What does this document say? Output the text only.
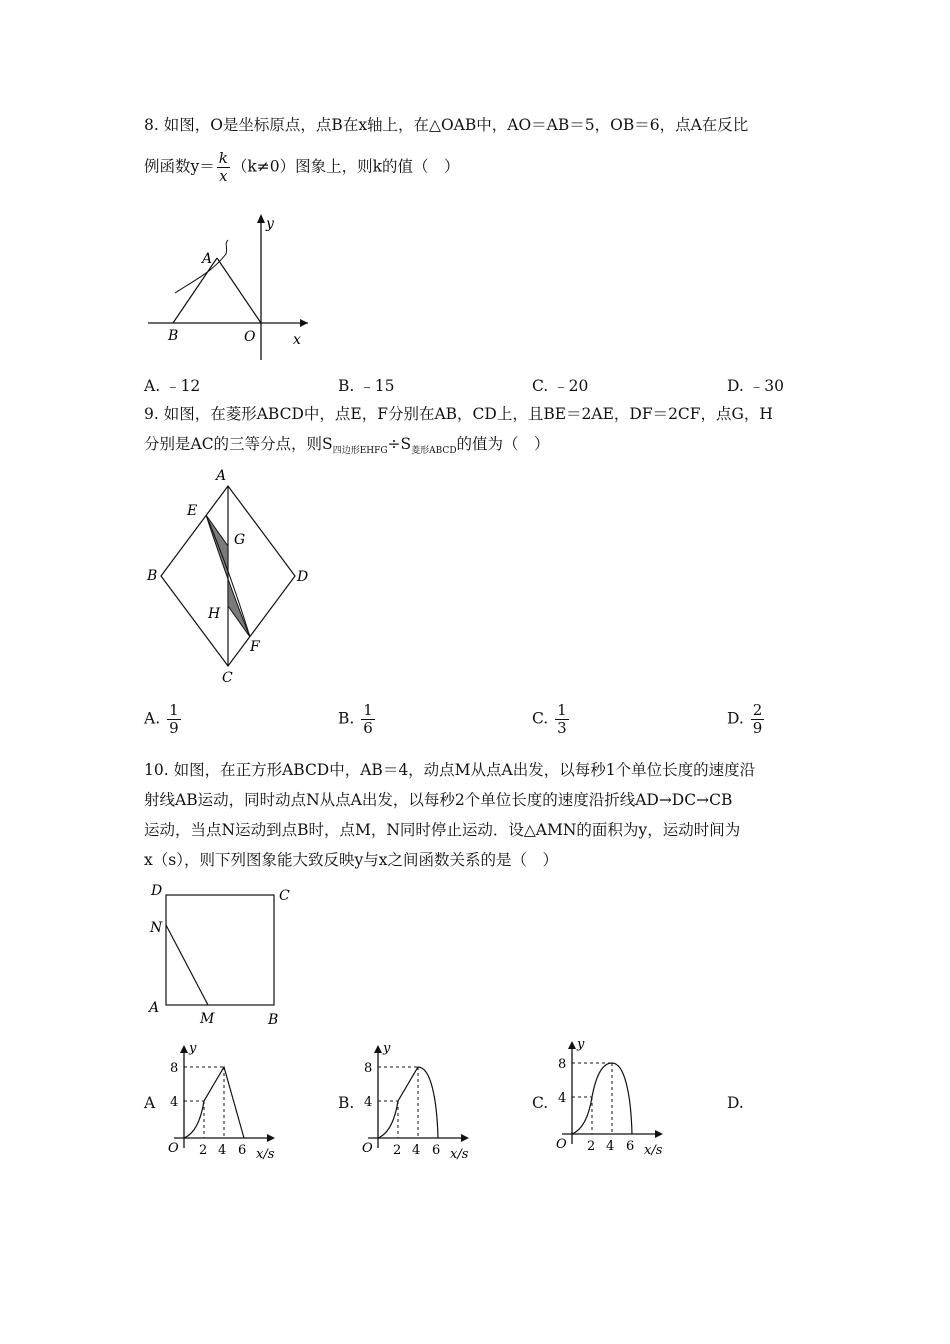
8. 如图，O是坐标原点，点B在x轴上，在△OAB中，AO＝AB＝5，OB＝6，点A在反比
例函数$y= \frac{k}{x} (k\ne 0)$图象上，则k的值（　）
y
x
A
B	O
A. ﹣12	B. ﹣15	C. ﹣20	D. ﹣30
9. 如图，在菱形ABCD中，点E，F分别在AB，CD上，且BE＝2AE，DF＝2CF，点G，H
分别是AC的三等分点，则$S_{四边形EHFG}\div S_{菱形ABCD}$的值为（　）
A
B
C
D
E
G
H
F
A. $\frac{1}{9}$	B. $\frac{1}{6}$	C. $\frac{1}{3}$	D. $\frac{2}{9}$
10. 如图，在正方形ABCD中，AB＝4，动点M从点A出发，以每秒1个单位长度的速度沿
射线AB运动，同时动点N从点A出发，以每秒2个单位长度的速度沿折线AD→DC→CB
运动，当点N运动到点B时，点M，N同时停止运动．设△AMN的面积为y，运动时间为
x（s），则下列图象能大致反映y与x之间函数关系的是（　）
D	C
N
A
M	B
A
y
8
4
O 2 4 6 x/s
B.
y
8
4
O 2 4 6 x/s
C.
y
8
4
O 2 4 6 x/s
D.
